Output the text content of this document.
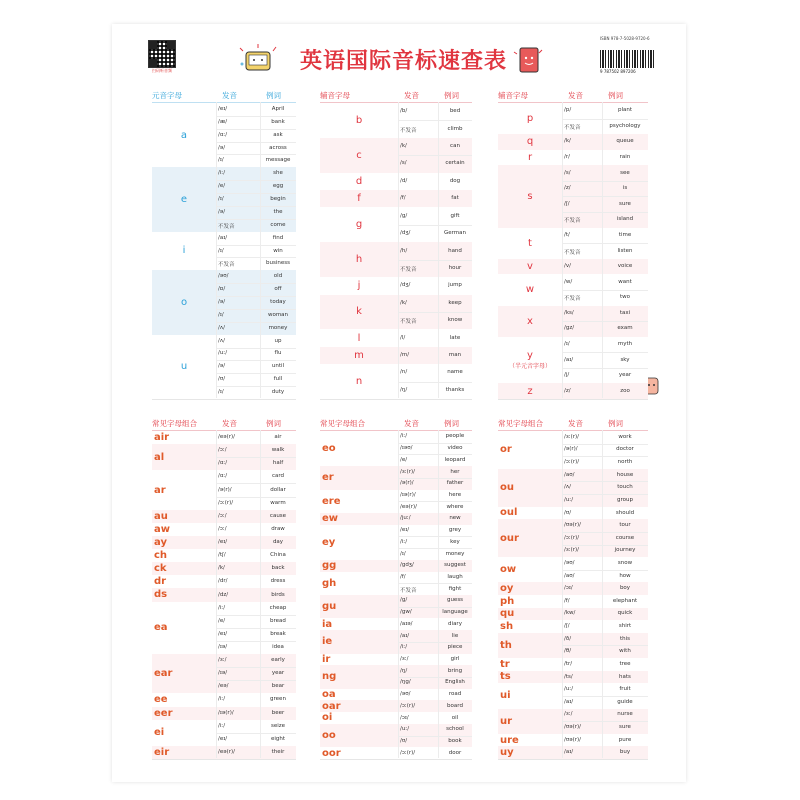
扫码听音频	9 787502 897206
ISBN 978-7-5028-9720-6
英语国际音标速查表
元音字母	发音	例词
a
/eɪ/	April
/æ/	bank
/ɑː/	ask
/ə/	across
/ɪ/	message
e
/iː/	she
/e/	egg
/ɪ/	begin
/ə/	the
不发音	come
i
/aɪ/	find
/ɪ/	win
不发音	business
o
/əʊ/	old
/ɒ/	off
/ə/	today
/ɪ/	woman
/ʌ/	money
u
/ʌ/	up
/uː/	flu
/ə/	until
/ʊ/	full
/ɪ/	duty
辅音字母	发音	例词
b
/b/	bed
不发音	climb
c
/k/	can
/s/	certain
d	/d/	dog
f	/f/	fat
g
/g/	gift
/dʒ/	German
h
/h/	hand
不发音	hour
j	/dʒ/	jump
k
/k/	keep
不发音	know
l	/l/	late
m	/m/	man
n
/n/	name
/ŋ/	thanks
辅音字母	发音	例词
p
/p/	plant
不发音	psychology
q	/k/	queue
r	/r/	rain
s
/s/	see
/z/	is
/ʃ/	sure
不发音	island
t
/t/	time
不发音	listen
v	/v/	voice
w
/w/	want
不发音	two
x
/ks/	taxi
/gz/	exam
y
（半元音字母）
/ɪ/	myth
/aɪ/	sky
/j/	year
z	/z/	zoo
常见字母组合	发音	例词
air	/eə(r)/	air
al
/ɔː/	walk
/ɑː/	half
ar
/ɑː/	card
/ə(r)/	dollar
/ɔː(r)/	warm
au	/ɔː/	cause
aw	/ɔː/	draw
ay	/eɪ/	day
ch	/tʃ/	China
ck	/k/	back
dr	/dr/	dress
ds	/dz/	birds
ea
/iː/	cheap
/e/	bread
/eɪ/	break
/ɪə/	idea
ear
/ɜː/	early
/ɪə/	year
/eə/	bear
ee	/iː/	green
eer	/ɪə(r)/	beer
ei
/iː/	seize
/eɪ/	eight
eir	/eə(r)/	their
常见字母组合	发音	例词
eo
/iː/	people
/ɪəʊ/	video
/e/	leopard
er
/ɜː(r)/	her
/ə(r)/	father
ere
/ɪə(r)/	here
/eə(r)/	where
ew	/juː/	new
ey
/eɪ/	grey
/iː/	key
/ɪ/	money
gg	/gdʒ/	suggest
gh
/f/	laugh
不发音	fight
gu
/g/	guess
/gw/	language
ia	/aɪə/	diary
ie
/aɪ/	lie
/iː/	piece
ir	/ɜː/	girl
ng
/ŋ/	bring
/ŋg/	English
oa	/əʊ/	road
oar	/ɔː(r)/	board
oi	/ɔɪ/	oil
oo
/uː/	school
/ʊ/	book
oor	/ɔː(r)/	door
常见字母组合	发音	例词
or
/ɜː(r)/	work
/ə(r)/	doctor
/ɔː(r)/	north
ou
/aʊ/	house
/ʌ/	touch
/uː/	group
oul	/ʊ/	should
our
/ʊə(r)/	tour
/ɔː(r)/	course
/ɜː(r)/	journey
ow
/əʊ/	snow
/aʊ/	how
oy	/ɔɪ/	boy
ph	/f/	elephant
qu	/kw/	quick
sh	/ʃ/	shirt
th
/ð/	this
/θ/	with
tr	/tr/	tree
ts	/ts/	hats
ui
/uː/	fruit
/aɪ/	guide
ur
/ɜː/	nurse
/ʊə(r)/	sure
ure	/ʊə(r)/	pure
uy	/aɪ/	buy
